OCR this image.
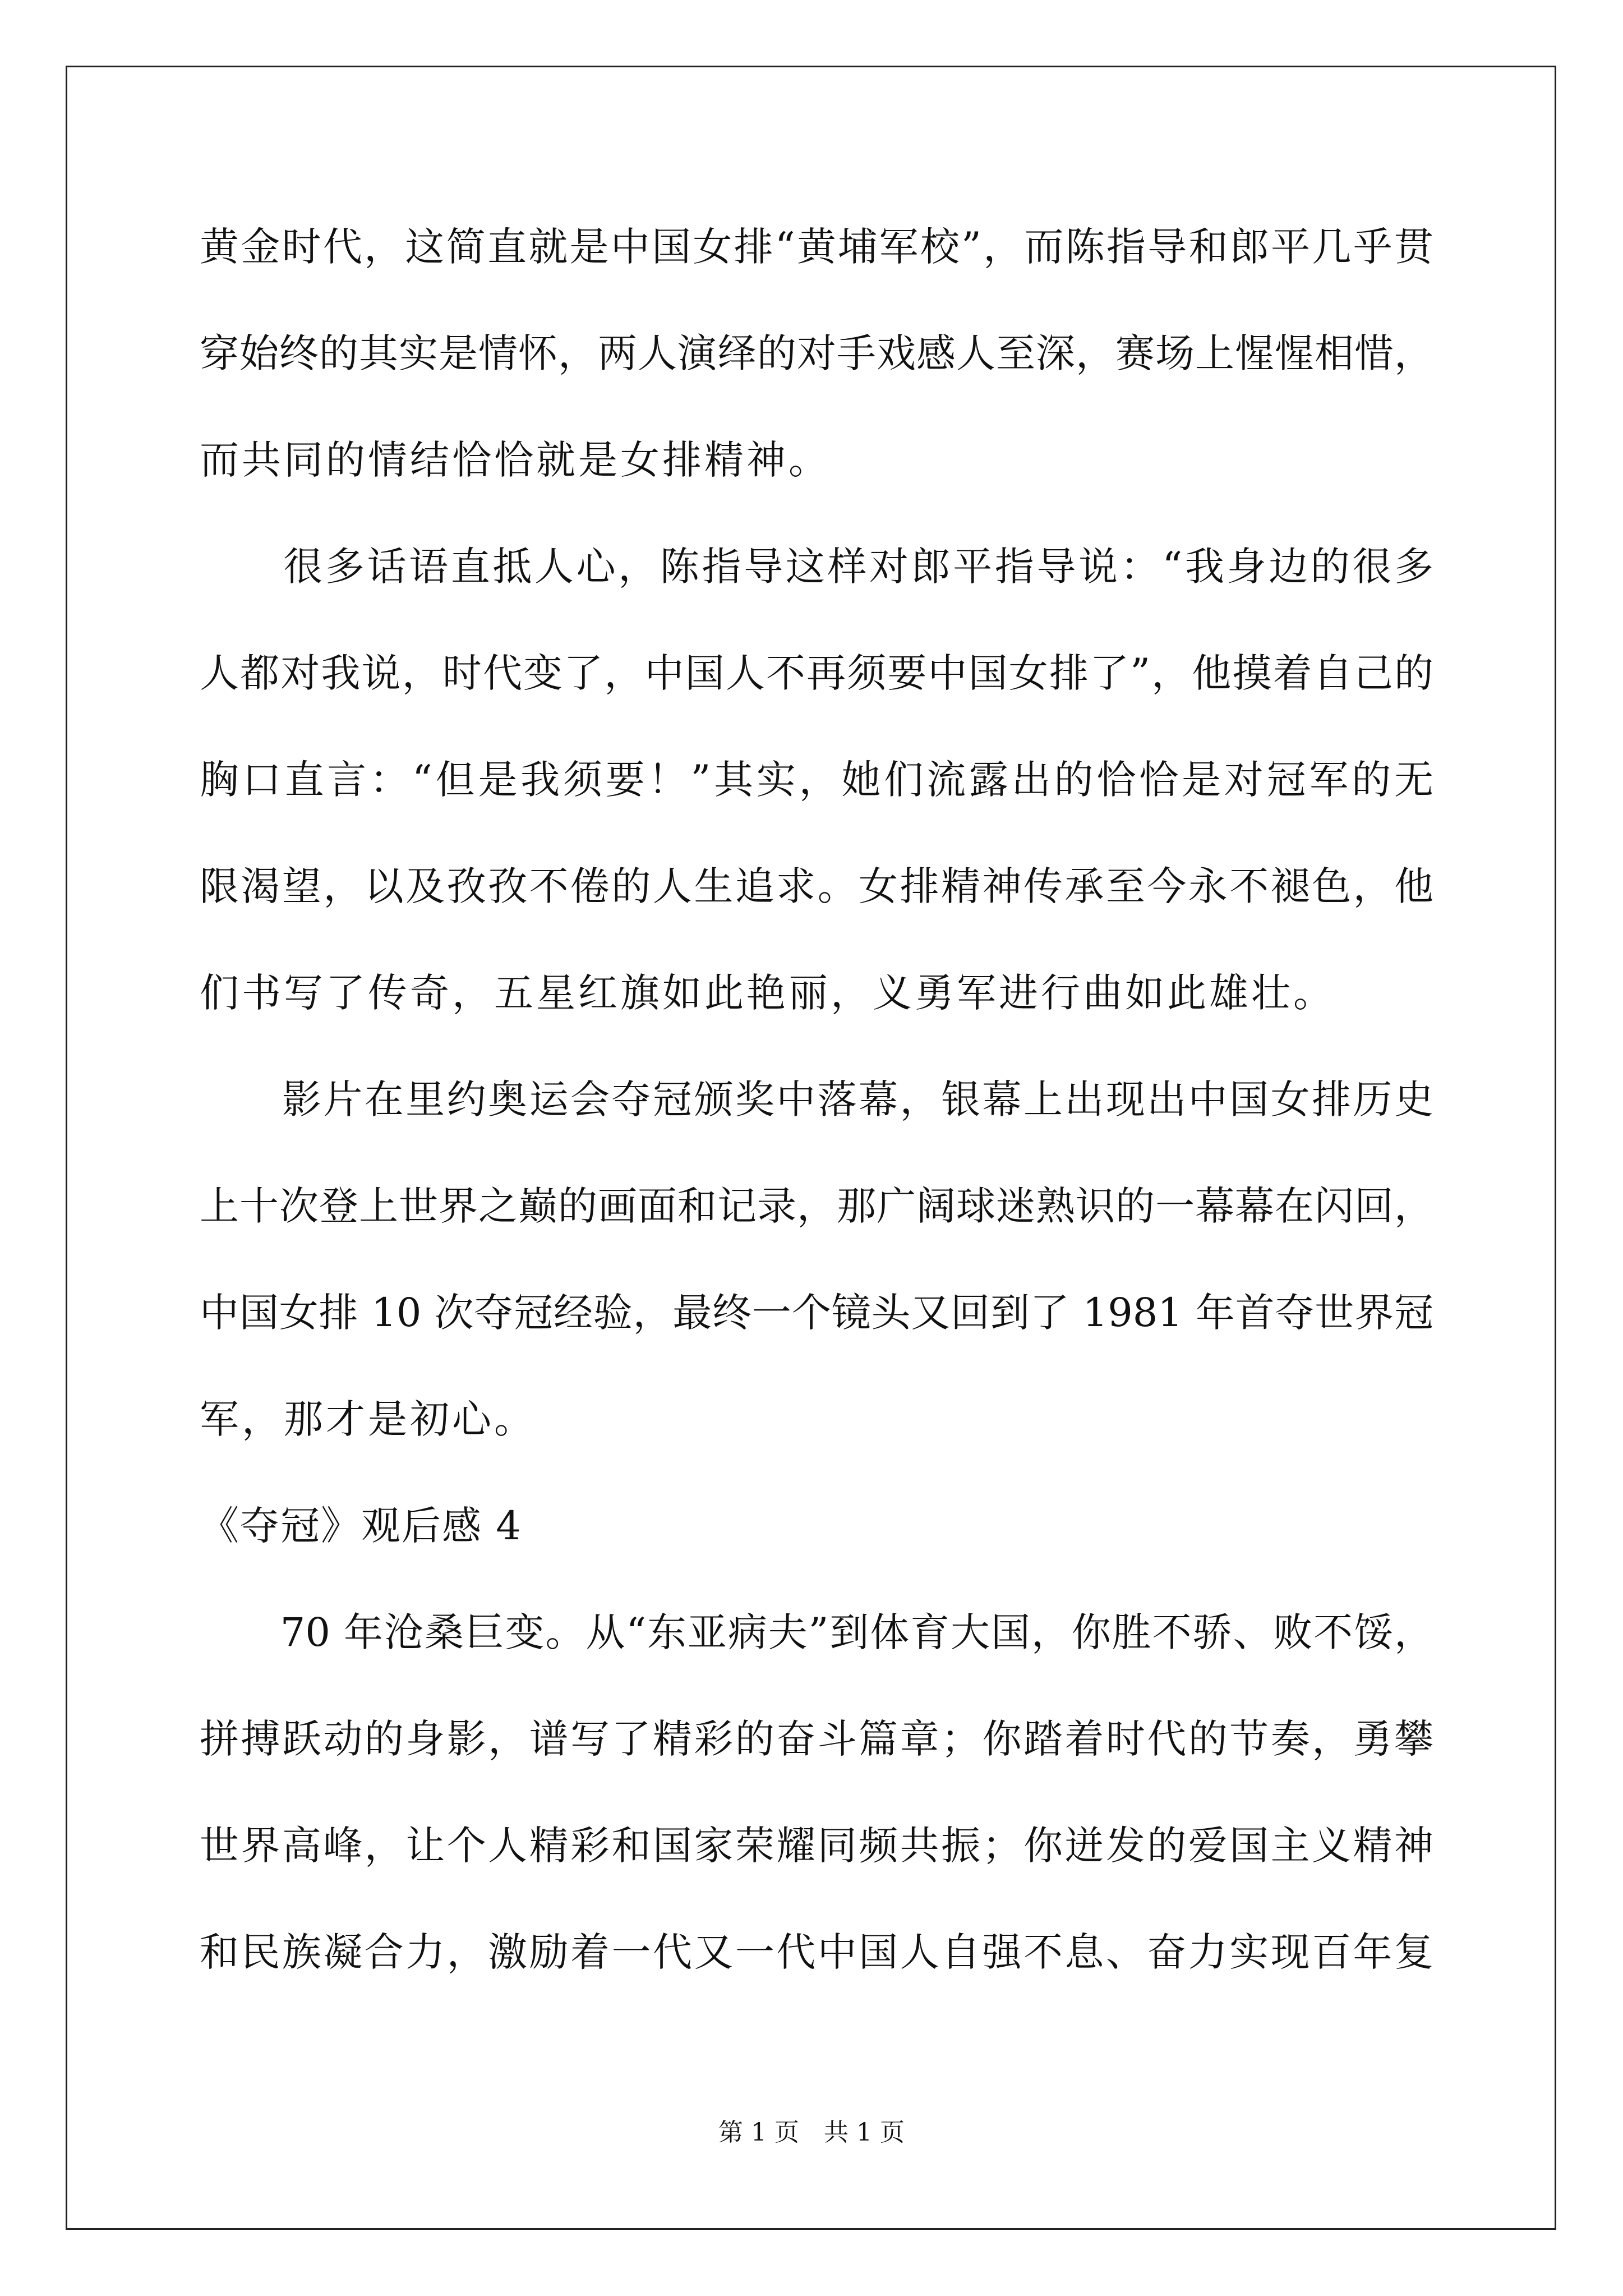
黄金时代，这简直就是中国女排“黄埔军校”，而陈指导和郎平几乎贯
穿始终的其实是情怀，两人演绎的对手戏感人至深，赛场上惺惺相惜，
而共同的情结恰恰就是女排精神。
　　很多话语直抵人心，陈指导这样对郎平指导说：“我身边的很多
人都对我说，时代变了，中国人不再须要中国女排了”，他摸着自己的
胸口直言：“但是我须要！”其实，她们流露出的恰恰是对冠军的无
限渴望，以及孜孜不倦的人生追求。女排精神传承至今永不褪色，他
们书写了传奇，五星红旗如此艳丽，义勇军进行曲如此雄壮。
　　影片在里约奥运会夺冠颁奖中落幕，银幕上出现出中国女排历史
上十次登上世界之巅的画面和记录，那广阔球迷熟识的一幕幕在闪回，
中国女排 10 次夺冠经验，最终一个镜头又回到了 1981 年首夺世界冠
军，那才是初心。
《夺冠》观后感 4
　　70 年沧桑巨变。从“东亚病夫”到体育大国，你胜不骄、败不馁，
拼搏跃动的身影，谱写了精彩的奋斗篇章；你踏着时代的节奏，勇攀
世界高峰，让个人精彩和国家荣耀同频共振；你迸发的爱国主义精神
和民族凝合力，激励着一代又一代中国人自强不息、奋力实现百年复
第 1 页　共 1 页
